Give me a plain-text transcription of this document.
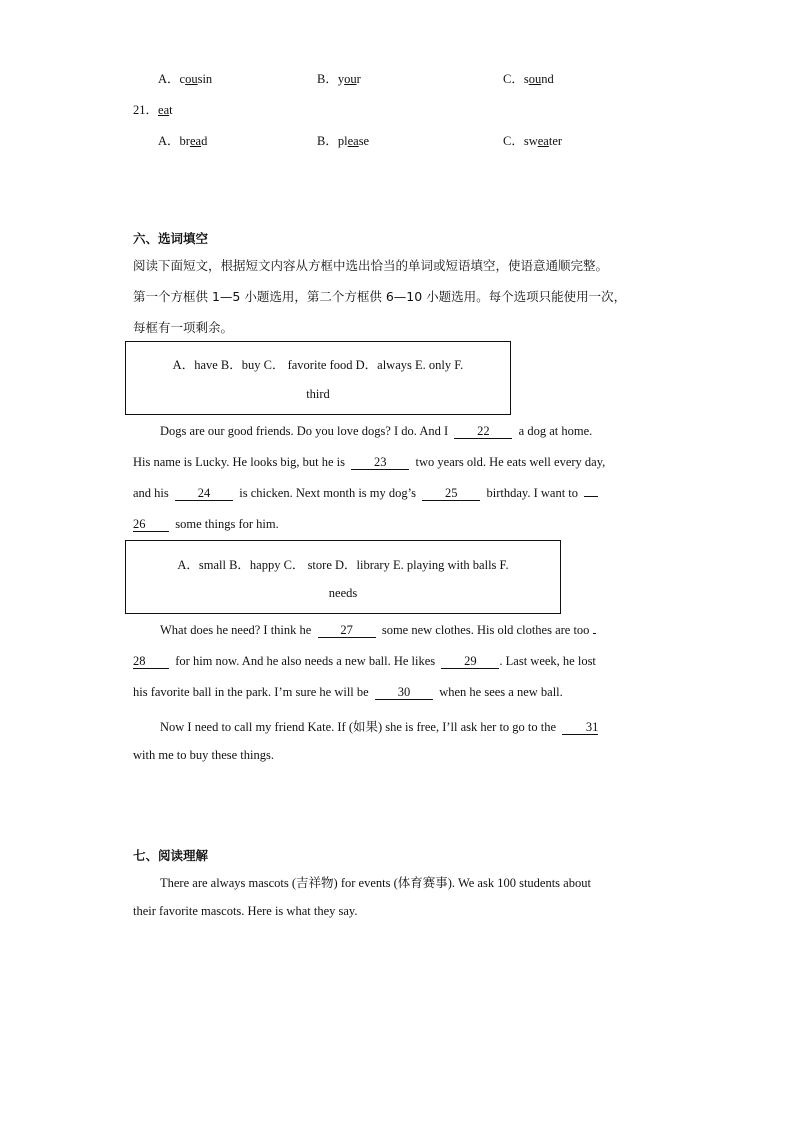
A．cousin	B．your	C．sound
21．eat
A．bread	B．please	C．sweater
六、选词填空
阅读下面短文，根据短文内容从方框中选出恰当的单词或短语填空，使语意通顺完整。
第一个方框供 1—5 小题选用，第二个方框供 6—10 小题选用。每个选项只能使用一次，
每框有一项剩余。
A．have B．buy C． favorite food D．always E. only F.
third
Dogs are our good friends. Do you love dogs? I do. And I 22 a dog at home.
His name is Lucky. He looks big, but he is 23 two years old. He eats well every day,
and his 24 is chicken. Next month is my dog’s 25 birthday. I want to
26 some things for him.
A．small B．happy C． store D．library E. playing with balls F.
needs
What does he need? I think he 27 some new clothes. His old clothes are too
28 for him now. And he also needs a new ball. He likes 29 . Last week, he lost
his favorite ball in the park. I’m sure he will be 30 when he sees a new ball.
Now I need to call my friend Kate. If (如果) she is free, I’ll ask her to go to the 31
with me to buy these things.
七、阅读理解
There are always mascots (吉祥物) for events (体育赛事). We ask 100 students about
their favorite mascots. Here is what they say.
